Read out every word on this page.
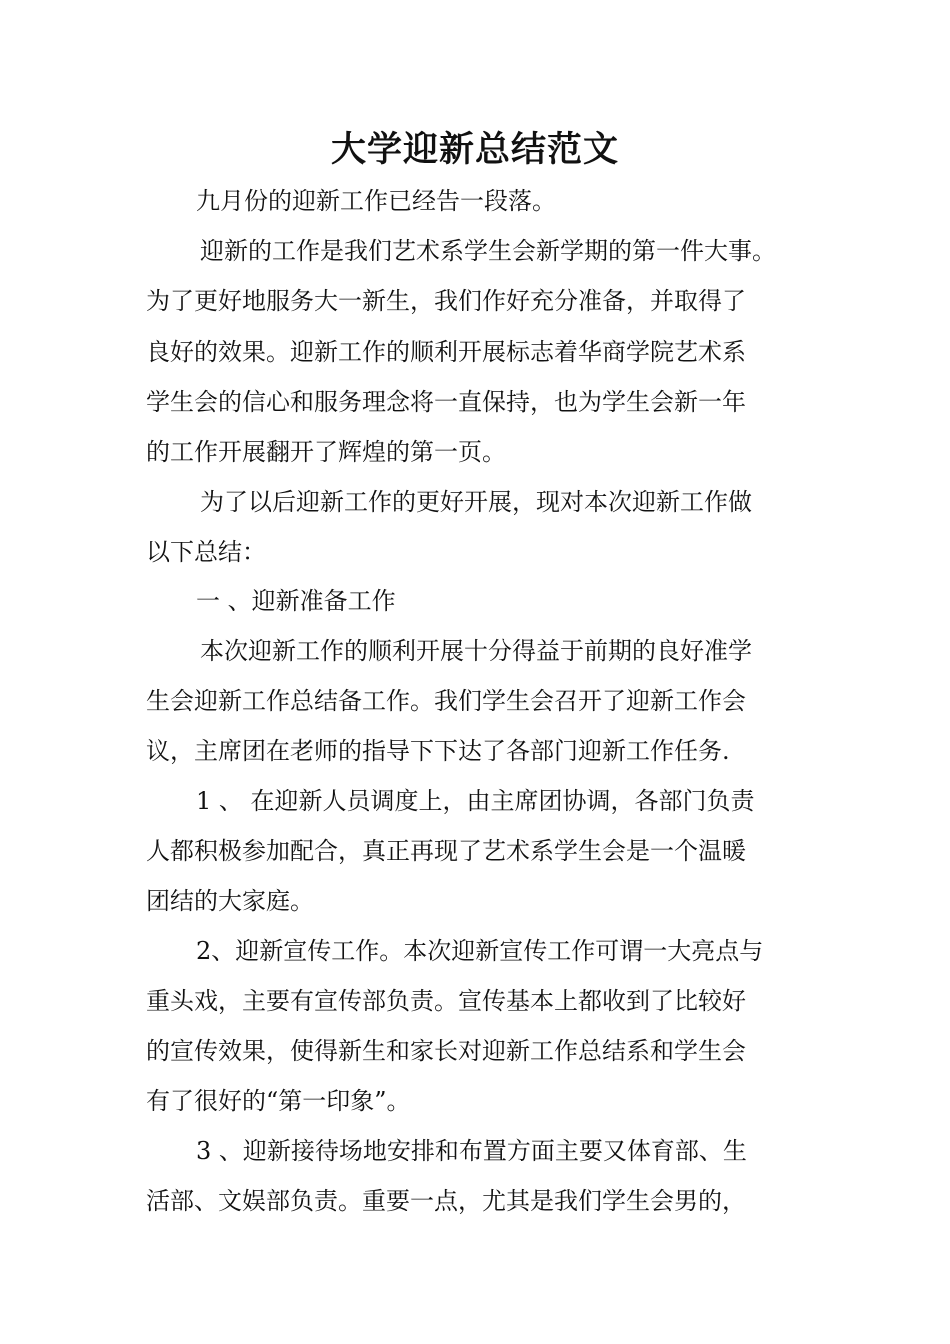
大学迎新总结范文

九月份的迎新工作已经告一段落。

迎新的工作是我们艺术系学生会新学期的第一件大事。

为了更好地服务大一新生，我们作好充分准备，并取得了

良好的效果。迎新工作的顺利开展标志着华商学院艺术系

学生会的信心和服务理念将一直保持，也为学生会新一年

的工作开展翻开了辉煌的第一页。

为了以后迎新工作的更好开展，现对本次迎新工作做

以下总结：

一 、迎新准备工作

本次迎新工作的顺利开展十分得益于前期的良好准学

生会迎新工作总结备工作。我们学生会召开了迎新工作会

议，主席团在老师的指导下下达了各部门迎新工作任务.

1 、 在迎新人员调度上，由主席团协调，各部门负责

人都积极参加配合，真正再现了艺术系学生会是一个温暖

团结的大家庭。

2、迎新宣传工作。本次迎新宣传工作可谓一大亮点与

重头戏，主要有宣传部负责。宣传基本上都收到了比较好

的宣传效果，使得新生和家长对迎新工作总结系和学生会

有了很好的“第一印象”。

3 、迎新接待场地安排和布置方面主要又体育部、生

活部、文娱部负责。重要一点，尤其是我们学生会男的，
